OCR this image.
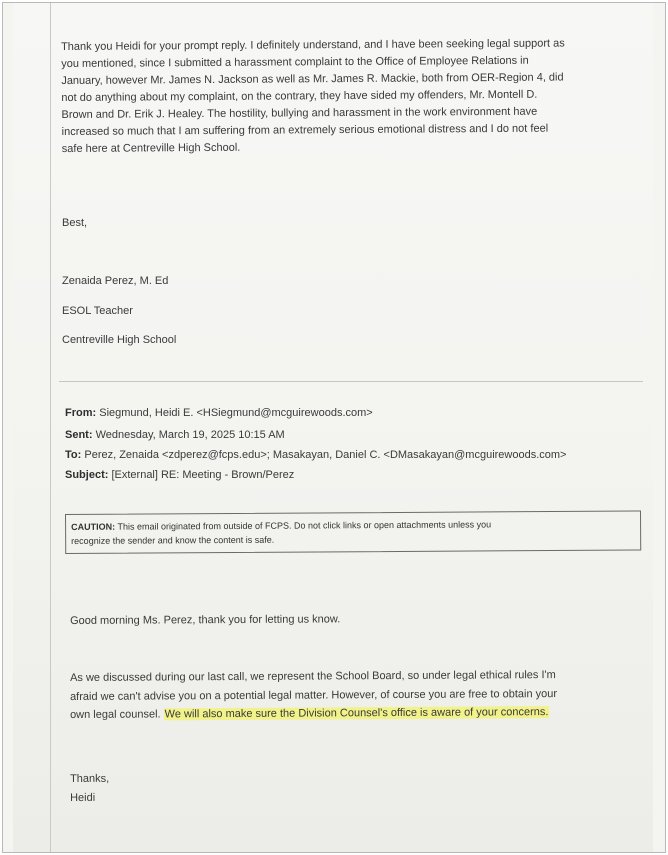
Thank you Heidi for your prompt reply. I definitely understand, and I have been seeking legal support as
you mentioned, since I submitted a harassment complaint to the Office of Employee Relations in
January, however Mr. James N. Jackson as well as Mr. James R. Mackie, both from OER-Region 4, did
not do anything about my complaint, on the contrary, they have sided my offenders, Mr. Montell D.
Brown and Dr. Erik J. Healey. The hostility, bullying and harassment in the work environment have
increased so much that I am suffering from an extremely serious emotional distress and I do not feel
safe here at Centreville High School.
Best,
Zenaida Perez, M. Ed
ESOL Teacher
Centreville High School
From: Siegmund, Heidi E. <HSiegmund@mcguirewoods.com>
Sent: Wednesday, March 19, 2025 10:15 AM
To: Perez, Zenaida <zdperez@fcps.edu>; Masakayan, Daniel C. <DMasakayan@mcguirewoods.com>
Subject: [External] RE: Meeting - Brown/Perez
CAUTION: This email originated from outside of FCPS. Do not click links or open attachments unless you
recognize the sender and know the content is safe.
Good morning Ms. Perez, thank you for letting us know.
As we discussed during our last call, we represent the School Board, so under legal ethical rules I'm
afraid we can't advise you on a potential legal matter. However, of course you are free to obtain your
own legal counsel. We will also make sure the Division Counsel's office is aware of your concerns.
Thanks,
Heidi
